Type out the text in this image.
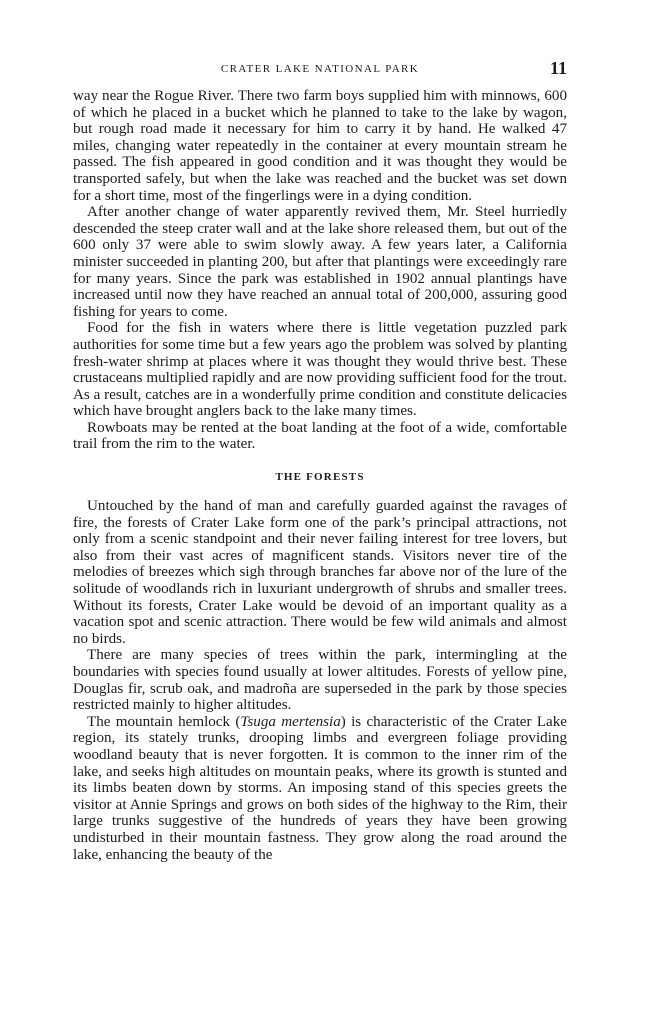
CRATER LAKE NATIONAL PARK	11

way near the Rogue River. There two farm boys supplied him with minnows, 600 of which he placed in a bucket which he planned to take to the lake by wagon, but rough road made it necessary for him to carry it by hand. He walked 47 miles, changing water repeatedly in the container at every mountain stream he passed. The fish appeared in good condition and it was thought they would be transported safely, but when the lake was reached and the bucket was set down for a short time, most of the fingerlings were in a dying condition.

After another change of water apparently revived them, Mr. Steel hurriedly descended the steep crater wall and at the lake shore released them, but out of the 600 only 37 were able to swim slowly away. A few years later, a California minister succeeded in planting 200, but after that plantings were exceedingly rare for many years. Since the park was established in 1902 annual plantings have increased until now they have reached an annual total of 200,000, assuring good fishing for years to come.

Food for the fish in waters where there is little vegetation puzzled park authorities for some time but a few years ago the problem was solved by planting fresh-water shrimp at places where it was thought they would thrive best. These crustaceans multiplied rapidly and are now providing sufficient food for the trout. As a result, catches are in a wonderfully prime condition and constitute delicacies which have brought anglers back to the lake many times.

Rowboats may be rented at the boat landing at the foot of a wide, comfortable trail from the rim to the water.

THE FORESTS

Untouched by the hand of man and carefully guarded against the ravages of fire, the forests of Crater Lake form one of the park’s principal attractions, not only from a scenic standpoint and their never failing interest for tree lovers, but also from their vast acres of magnificent stands. Visitors never tire of the melodies of breezes which sigh through branches far above nor of the lure of the solitude of woodlands rich in luxuriant undergrowth of shrubs and smaller trees. Without its forests, Crater Lake would be devoid of an important quality as a vacation spot and scenic attraction. There would be few wild animals and almost no birds.

There are many species of trees within the park, intermingling at the boundaries with species found usually at lower altitudes. Forests of yellow pine, Douglas fir, scrub oak, and madroña are superseded in the park by those species restricted mainly to higher altitudes.

The mountain hemlock (Tsuga mertensia) is characteristic of the Crater Lake region, its stately trunks, drooping limbs and evergreen foliage providing woodland beauty that is never forgotten. It is common to the inner rim of the lake, and seeks high altitudes on mountain peaks, where its growth is stunted and its limbs beaten down by storms. An imposing stand of this species greets the visitor at Annie Springs and grows on both sides of the highway to the Rim, their large trunks suggestive of the hundreds of years they have been growing undisturbed in their mountain fastness. They grow along the road around the lake, enhancing the beauty of the
